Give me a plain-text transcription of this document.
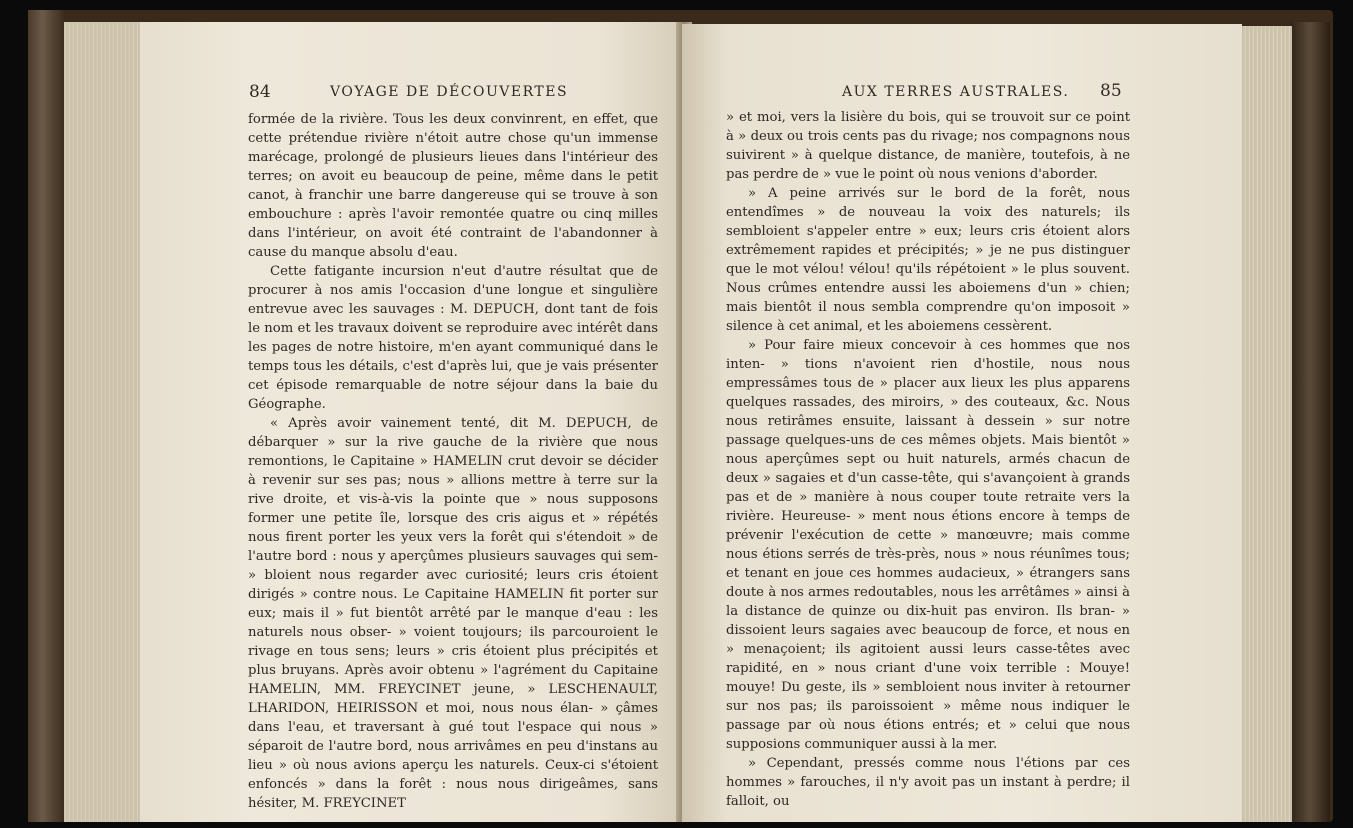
84	VOYAGE DE DÉCOUVERTES

formée de la rivière. Tous les deux convinrent, en effet, que cette prétendue rivière n'étoit autre chose qu'un immense marécage, prolongé de plusieurs lieues dans l'intérieur des terres; on avoit eu beaucoup de peine, même dans le petit canot, à franchir une barre dangereuse qui se trouve à son embouchure : après l'avoir remontée quatre ou cinq milles dans l'intérieur, on avoit été contraint de l'abandonner à cause du manque absolu d'eau.

Cette fatigante incursion n'eut d'autre résultat que de procurer à nos amis l'occasion d'une longue et singulière entrevue avec les sauvages : M. DEPUCH, dont tant de fois le nom et les travaux doivent se reproduire avec intérêt dans les pages de notre histoire, m'en ayant communiqué dans le temps tous les détails, c'est d'après lui, que je vais présenter cet épisode remarquable de notre séjour dans la baie du Géographe.

« Après avoir vainement tenté, dit M. DEPUCH, de débarquer » sur la rive gauche de la rivière que nous remontions, le Capitaine » HAMELIN crut devoir se décider à revenir sur ses pas; nous » allions mettre à terre sur la rive droite, et vis-à-vis la pointe que » nous supposons former une petite île, lorsque des cris aigus et » répétés nous firent porter les yeux vers la forêt qui s'étendoit » de l'autre bord : nous y aperçûmes plusieurs sauvages qui sem- » bloient nous regarder avec curiosité; leurs cris étoient dirigés » contre nous. Le Capitaine HAMELIN fit porter sur eux; mais il » fut bientôt arrêté par le manque d'eau : les naturels nous obser- » voient toujours; ils parcouroient le rivage en tous sens; leurs » cris étoient plus précipités et plus bruyans. Après avoir obtenu » l'agrément du Capitaine HAMELIN, MM. FREYCINET jeune, » LESCHENAULT, LHARIDON, HEIRISSON et moi, nous nous élan- » çâmes dans l'eau, et traversant à gué tout l'espace qui nous » séparoit de l'autre bord, nous arrivâmes en peu d'instans au lieu » où nous avions aperçu les naturels. Ceux-ci s'étoient enfoncés » dans la forêt : nous nous dirigeâmes, sans hésiter, M. FREYCINET

AUX TERRES AUSTRALES. 85

» et moi, vers la lisière du bois, qui se trouvoit sur ce point à » deux ou trois cents pas du rivage; nos compagnons nous suivirent » à quelque distance, de manière, toutefois, à ne pas perdre de » vue le point où nous venions d'aborder.

» A peine arrivés sur le bord de la forêt, nous entendîmes » de nouveau la voix des naturels; ils sembloient s'appeler entre » eux; leurs cris étoient alors extrêmement rapides et précipités; » je ne pus distinguer que le mot vélou! vélou! qu'ils répétoient » le plus souvent. Nous crûmes entendre aussi les aboiemens d'un » chien; mais bientôt il nous sembla comprendre qu'on imposoit » silence à cet animal, et les aboiemens cessèrent.

» Pour faire mieux concevoir à ces hommes que nos inten- » tions n'avoient rien d'hostile, nous nous empressâmes tous de » placer aux lieux les plus apparens quelques rassades, des miroirs, » des couteaux, &c. Nous nous retirâmes ensuite, laissant à dessein » sur notre passage quelques-uns de ces mêmes objets. Mais bientôt » nous aperçûmes sept ou huit naturels, armés chacun de deux » sagaies et d'un casse-tête, qui s'avançoient à grands pas et de » manière à nous couper toute retraite vers la rivière. Heureuse- » ment nous étions encore à temps de prévenir l'exécution de cette » manœuvre; mais comme nous étions serrés de très-près, nous » nous réunîmes tous; et tenant en joue ces hommes audacieux, » étrangers sans doute à nos armes redoutables, nous les arrêtâmes » ainsi à la distance de quinze ou dix-huit pas environ. Ils bran- » dissoient leurs sagaies avec beaucoup de force, et nous en » menaçoient; ils agitoient aussi leurs casse-têtes avec rapidité, en » nous criant d'une voix terrible : Mouye! mouye! Du geste, ils » sembloient nous inviter à retourner sur nos pas; ils paroissoient » même nous indiquer le passage par où nous étions entrés; et » celui que nous supposions communiquer aussi à la mer.

» Cependant, pressés comme nous l'étions par ces hommes » farouches, il n'y avoit pas un instant à perdre; il falloit, ou
